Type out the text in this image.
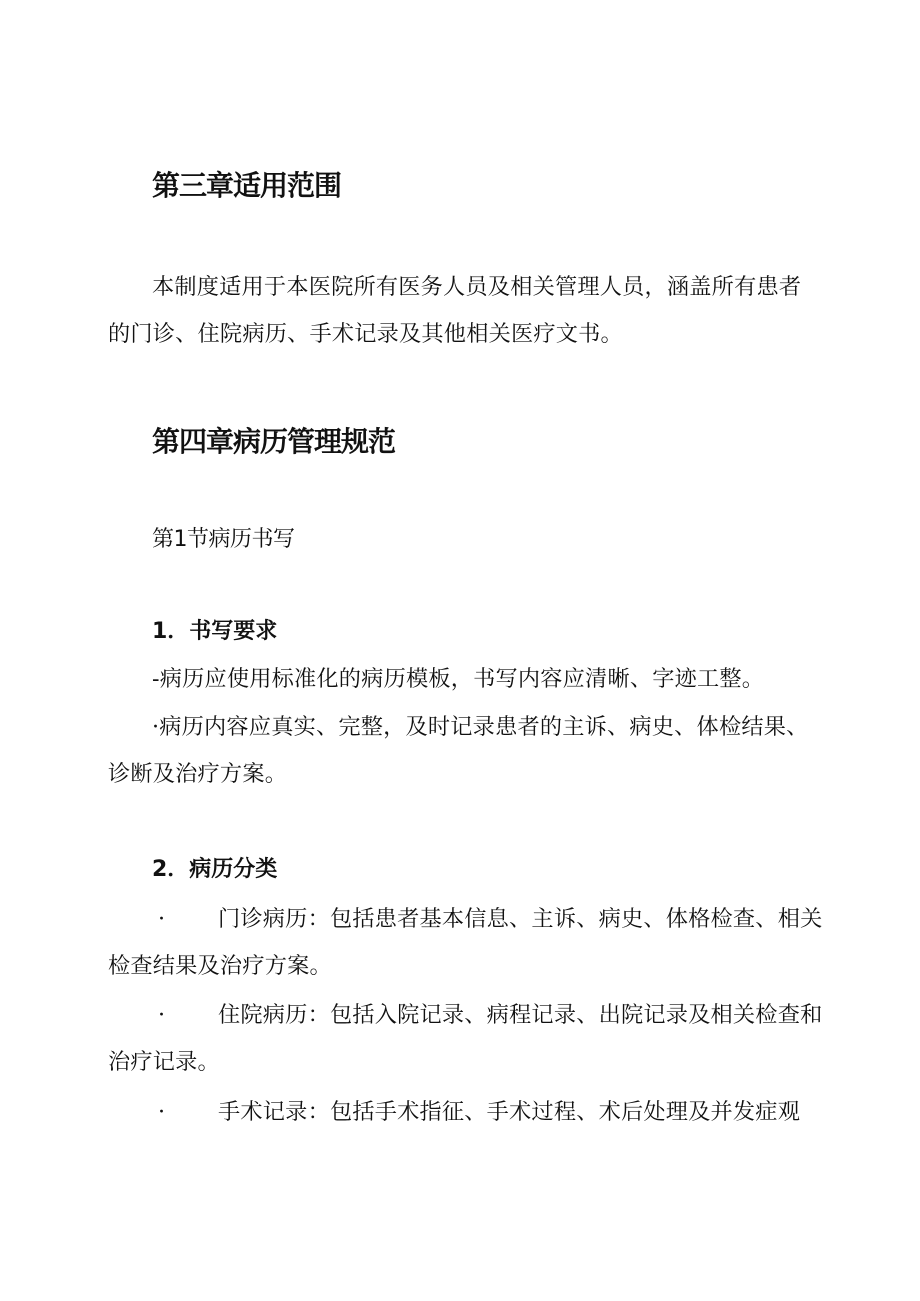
第三章适用范围

本制度适用于本医院所有医务人员及相关管理人员，涵盖所有患者的门诊、住院病历、手术记录及其他相关医疗文书。

第四章病历管理规范
第1节病历书写
1．书写要求

-病历应使用标准化的病历模板，书写内容应清晰、字迹工整。

·病历内容应真实、完整，及时记录患者的主诉、病史、体检结果、诊断及治疗方案。

2．病历分类

· 门诊病历：包括患者基本信息、主诉、病史、体格检查、相关检查结果及治疗方案。

· 住院病历：包括入院记录、病程记录、出院记录及相关检查和治疗记录。

· 手术记录：包括手术指征、手术过程、术后处理及并发症观
